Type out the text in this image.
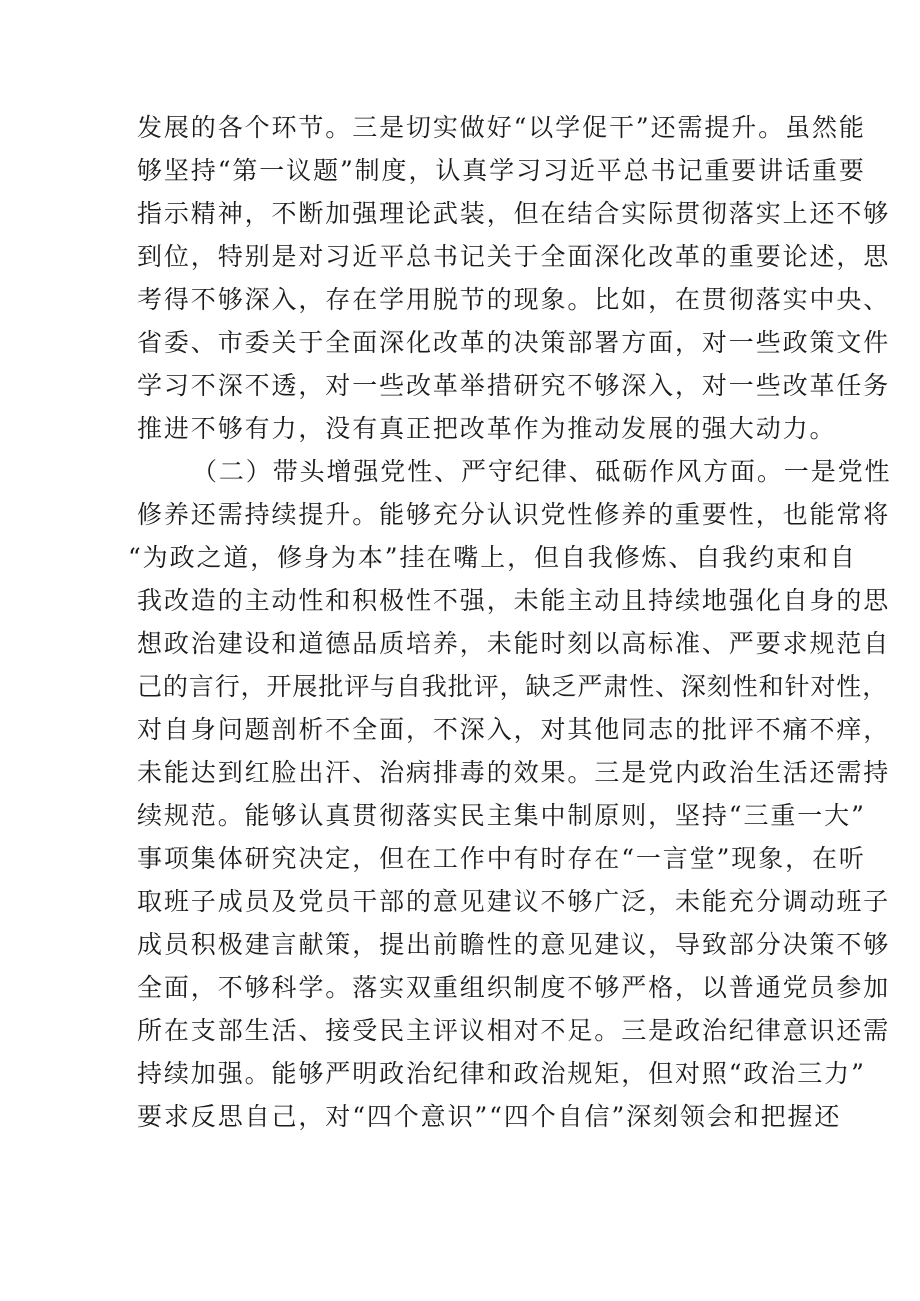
发展的各个环节。三是切实做好“以学促干”还需提升。虽然能
够坚持“第一议题”制度，认真学习习近平总书记重要讲话重要
指示精神，不断加强理论武装，但在结合实际贯彻落实上还不够
到位，特别是对习近平总书记关于全面深化改革的重要论述，思
考得不够深入，存在学用脱节的现象。比如，在贯彻落实中央、
省委、市委关于全面深化改革的决策部署方面，对一些政策文件
学习不深不透，对一些改革举措研究不够深入，对一些改革任务
推进不够有力，没有真正把改革作为推动发展的强大动力。
（二）带头增强党性、严守纪律、砥砺作风方面。一是党性
修养还需持续提升。能够充分认识党性修养的重要性，也能常将
“为政之道，修身为本”挂在嘴上，但自我修炼、自我约束和自
我改造的主动性和积极性不强，未能主动且持续地强化自身的思
想政治建设和道德品质培养，未能时刻以高标准、严要求规范自
己的言行，开展批评与自我批评，缺乏严肃性、深刻性和针对性，
对自身问题剖析不全面，不深入，对其他同志的批评不痛不痒，
未能达到红脸出汗、治病排毒的效果。三是党内政治生活还需持
续规范。能够认真贯彻落实民主集中制原则，坚持“三重一大”
事项集体研究决定，但在工作中有时存在“一言堂”现象，在听
取班子成员及党员干部的意见建议不够广泛，未能充分调动班子
成员积极建言献策，提出前瞻性的意见建议，导致部分决策不够
全面，不够科学。落实双重组织制度不够严格，以普通党员参加
所在支部生活、接受民主评议相对不足。三是政治纪律意识还需
持续加强。能够严明政治纪律和政治规矩，但对照“政治三力”
要求反思自己，对“四个意识”“四个自信”深刻领会和把握还
